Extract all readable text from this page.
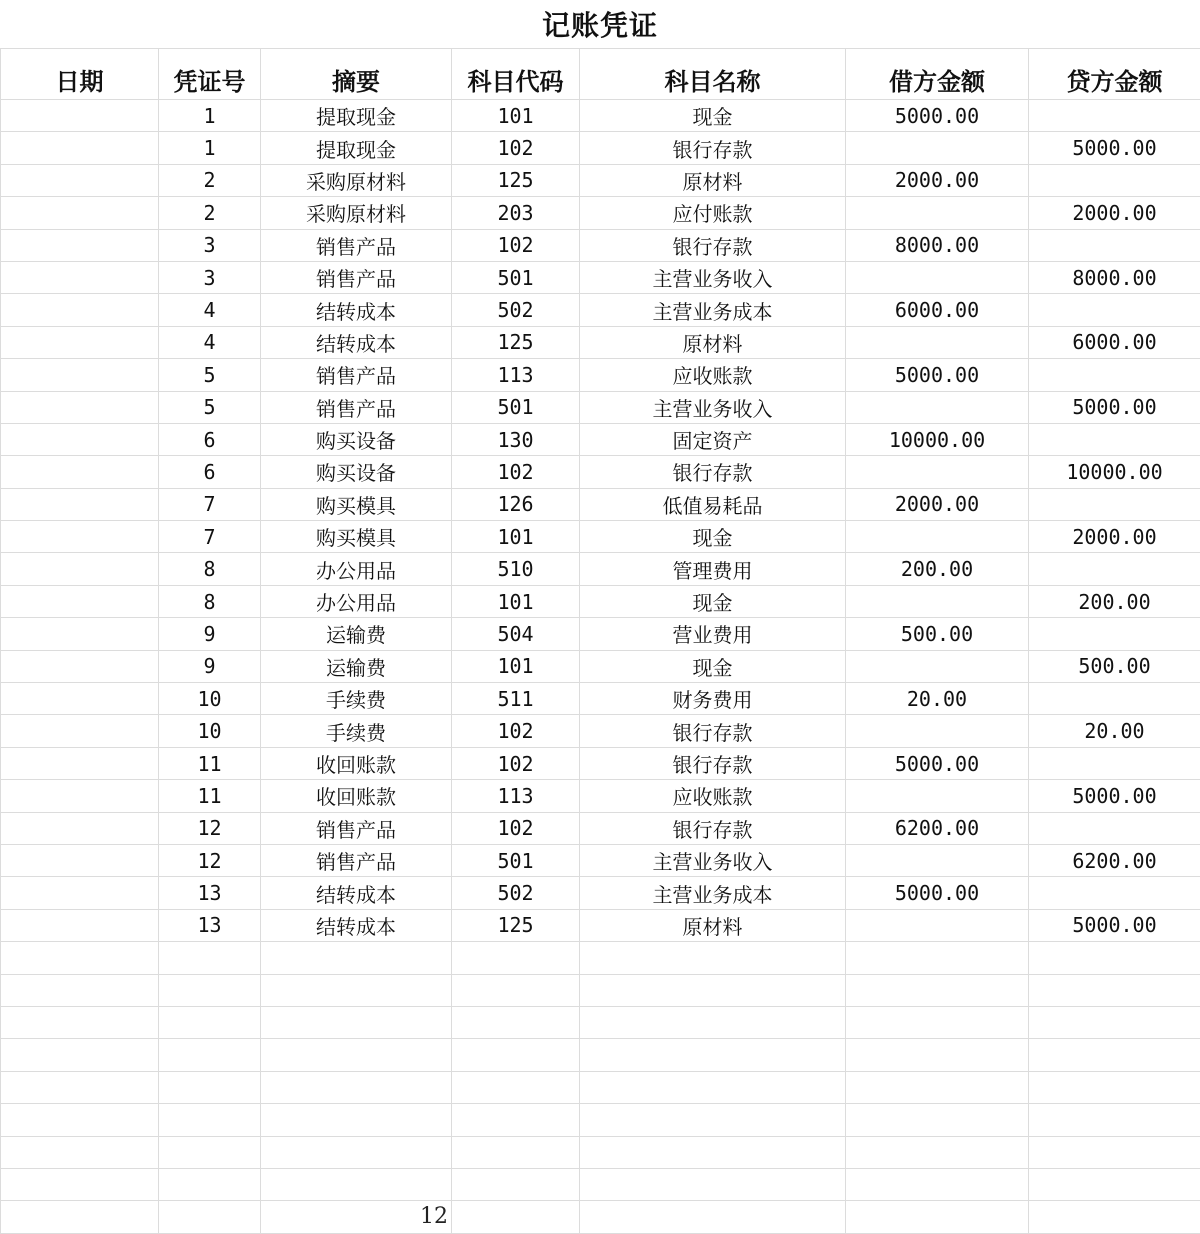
记账凭证
日期	凭证号	摘要	科目代码	科目名称	借方金额	贷方金额
	1	提取现金	101	现金	5000.00	
	1	提取现金	102	银行存款		5000.00
	2	采购原材料	125	原材料	2000.00	
	2	采购原材料	203	应付账款		2000.00
	3	销售产品	102	银行存款	8000.00	
	3	销售产品	501	主营业务收入		8000.00
	4	结转成本	502	主营业务成本	6000.00	
	4	结转成本	125	原材料		6000.00
	5	销售产品	113	应收账款	5000.00	
	5	销售产品	501	主营业务收入		5000.00
	6	购买设备	130	固定资产	10000.00	
	6	购买设备	102	银行存款		10000.00
	7	购买模具	126	低值易耗品	2000.00	
	7	购买模具	101	现金		2000.00
	8	办公用品	510	管理费用	200.00	
	8	办公用品	101	现金		200.00
	9	运输费	504	营业费用	500.00	
	9	运输费	101	现金		500.00
	10	手续费	511	财务费用	20.00	
	10	手续费	102	银行存款		20.00
	11	收回账款	102	银行存款	5000.00	
	11	收回账款	113	应收账款		5000.00
	12	销售产品	102	银行存款	6200.00	
	12	销售产品	501	主营业务收入		6200.00
	13	结转成本	502	主营业务成本	5000.00	
	13	结转成本	125	原材料		5000.00

12
